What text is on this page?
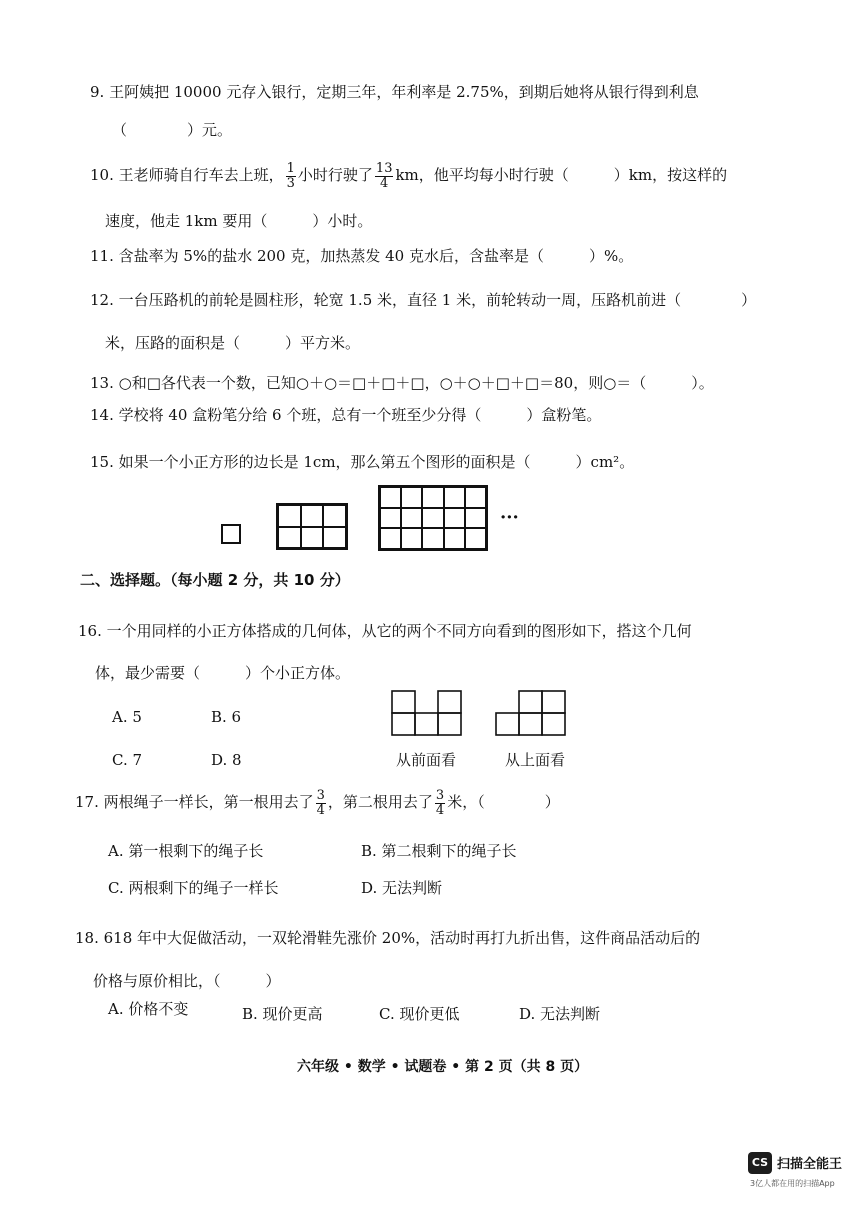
9. 王阿姨把 10000 元存入银行，定期三年，年利率是 2.75%，到期后她将从银行得到利息
（　　　　）元。
10. 王老师骑自行车去上班， $\frac{1}{3}$ 小时行驶了 $\frac{13}{4}$ km，他平均每小时行驶（　　　）km，按这样的
速度，他走 1km 要用（　　　）小时。
11. 含盐率为 5%的盐水 200 克，加热蒸发 40 克水后，含盐率是（　　　）%。
12. 一台压路机的前轮是圆柱形，轮宽 1.5 米，直径 1 米，前轮转动一周，压路机前进（　　　　）
米，压路的面积是（　　　）平方米。
13. ○和□各代表一个数，已知○＋○＝□＋□＋□，○＋○＋□＋□＝80，则○＝（　　　）。
14. 学校将 40 盒粉笔分给 6 个班，总有一个班至少分得（　　　）盒粉笔。
15. 如果一个小正方形的边长是 1cm，那么第五个图形的面积是（　　　）cm²。
···
二、选择题。（每小题 2 分，共 10 分）
16. 一个用同样的小正方体搭成的几何体，从它的两个不同方向看到的图形如下，搭这个几何
体，最少需要（　　　）个小正方体。
A. 5	B. 6
C. 7	D. 8	从前面看	从上面看
17. 两根绳子一样长，第一根用去了 $\frac{3}{4}$ ，第二根用去了 $\frac{3}{4}$ 米，（　　　　）
A. 第一根剩下的绳子长	B. 第二根剩下的绳子长
C. 两根剩下的绳子一样长	D. 无法判断
18. 618 年中大促做活动，一双轮滑鞋先涨价 20%，活动时再打九折出售，这件商品活动后的
价格与原价相比，（　　　）
A. 价格不变	B. 现价更高	C. 现价更低	D. 无法判断
六年级 • 数学 • 试题卷 • 第 2 页（共 8 页）
CS 扫描全能王
3亿人都在用的扫描App
